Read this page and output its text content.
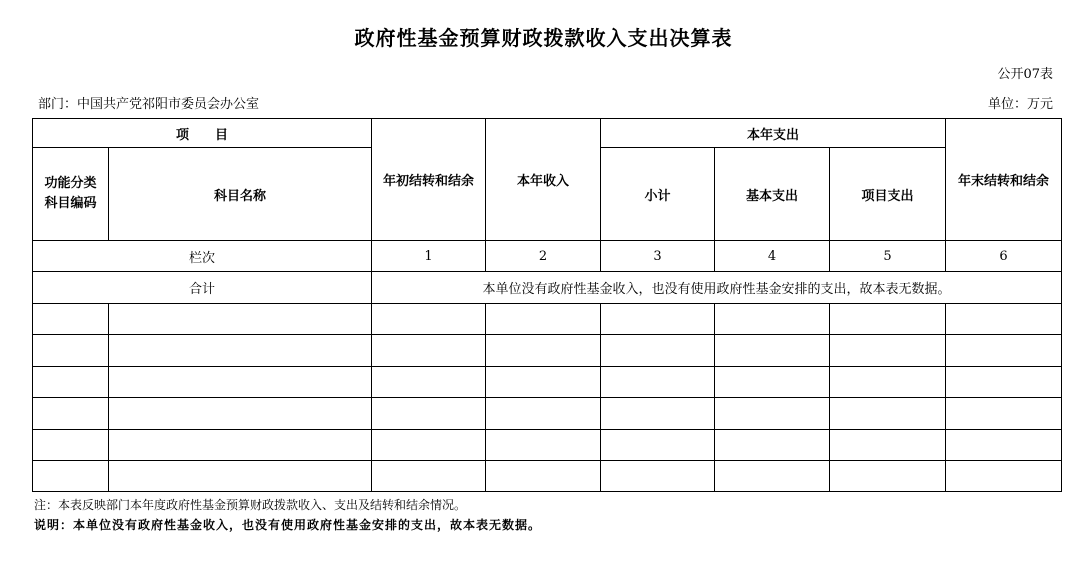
政府性基金预算财政拨款收入支出决算表
公开07表
部门：中国共产党祁阳市委员会办公室	单位：万元
项　　目		年初结转和结余	本年收入	本年支出			年末结转和结余
功能分类科目编码	科目名称			小计	基本支出	项目支出	
栏次		1	2	3	4	5	6
合计		本单位没有政府性基金收入，也没有使用政府性基金安排的支出，故本表无数据。					

注：本表反映部门本年度政府性基金预算财政拨款收入、支出及结转和结余情况。
说明：本单位没有政府性基金收入，也没有使用政府性基金安排的支出，故本表无数据。
